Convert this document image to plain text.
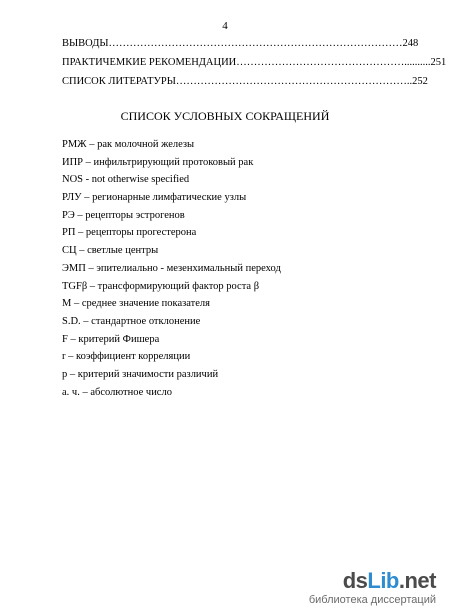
4
ВЫВОДЫ ………………………………………………………………………… 248
ПРАКТИЧЕМКИЕ РЕКОМЕНДАЦИИ ………………………………………….......... 251
СПИСОК ЛИТЕРАТУРЫ ………………………………………………………….. 252
СПИСОК УСЛОВНЫХ СОКРАЩЕНИЙ
РМЖ – рак молочной железы
ИПР – инфильтрирующий протоковый рак
NOS - not otherwise specified
РЛУ – регионарные лимфатические узлы
РЭ – рецепторы эстрогенов
РП – рецепторы прогестерона
СЦ – светлые центры
ЭМП – эпителиально - мезенхимальный переход
TGFβ – трансформирующий фактор роста β
М – среднее значение показателя
S.D. – стандартное отклонение
F – критерий Фишера
r – коэффициент корреляции
p – критерий значимости различий
а. ч. – абсолютное число
dsLib.net
библиотека диссертаций
